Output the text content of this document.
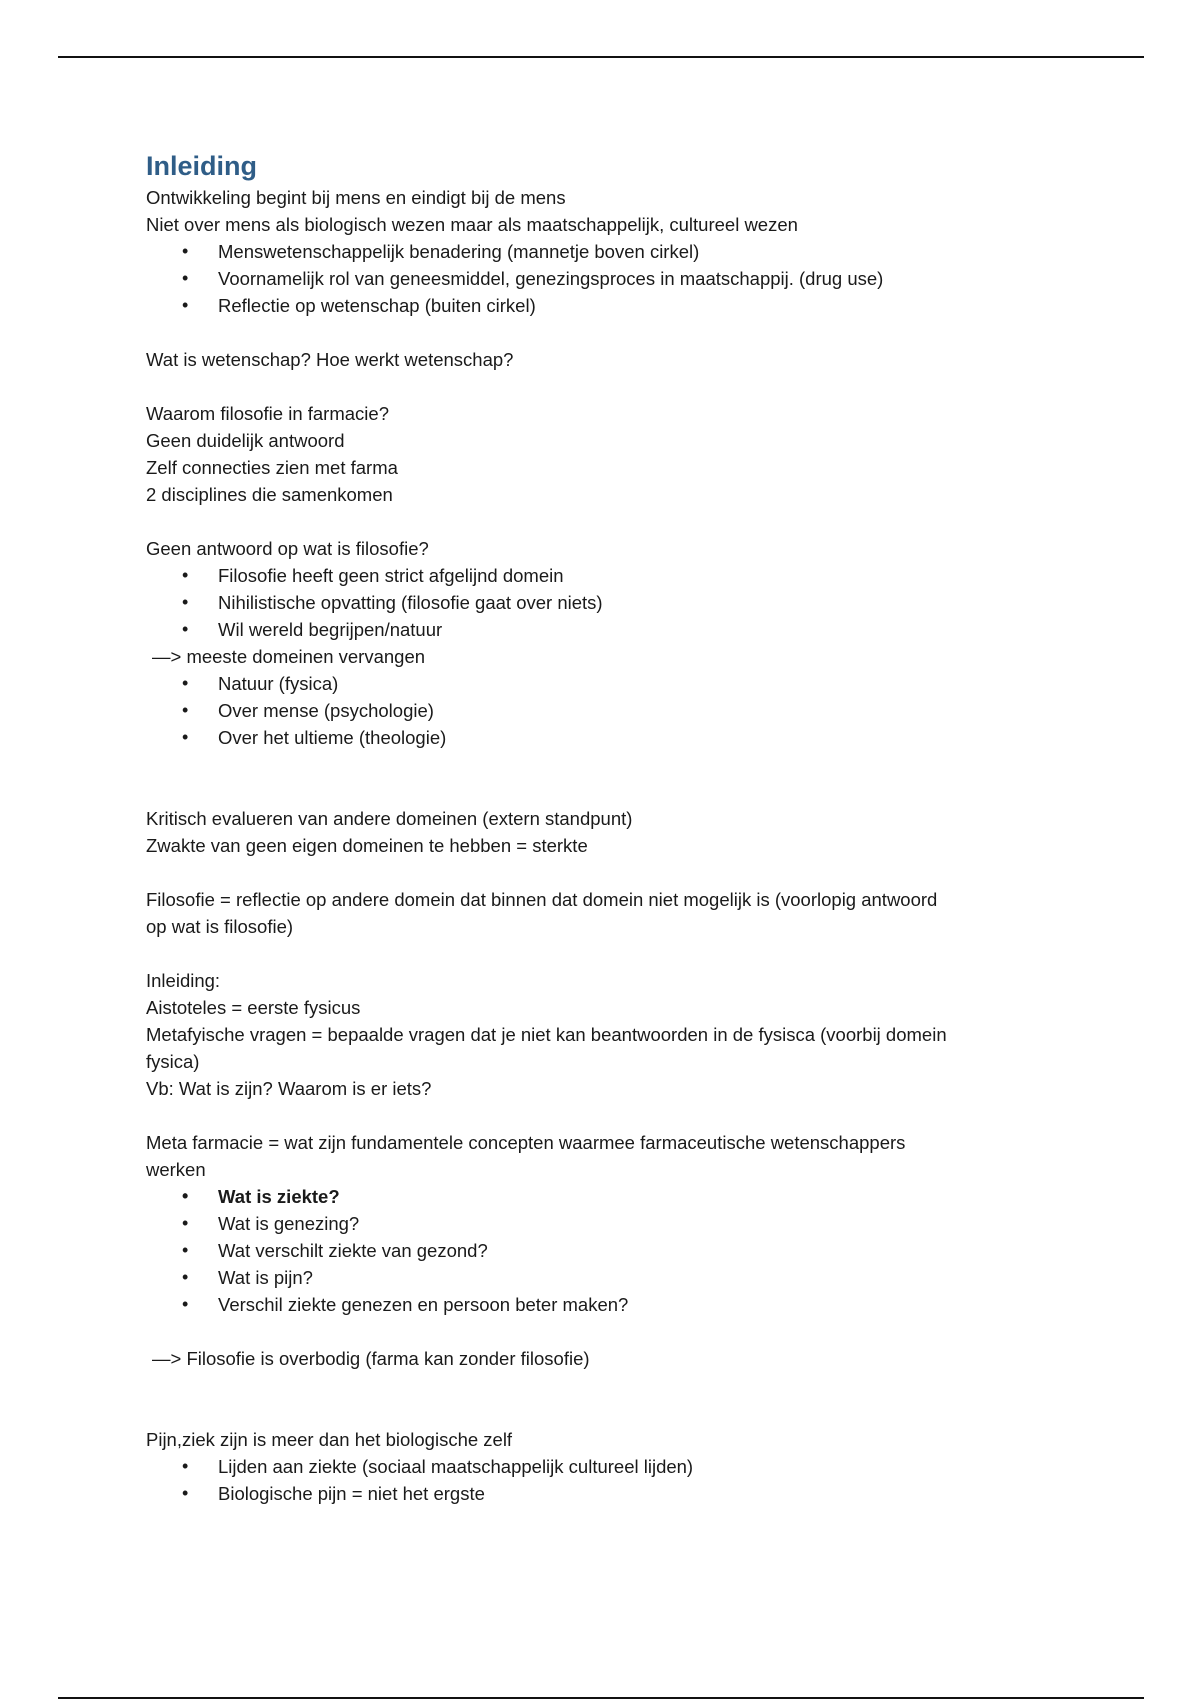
Inleiding
Ontwikkeling begint bij mens en eindigt bij de mens
Niet over mens als biologisch wezen maar als maatschappelijk, cultureel wezen
• Menswetenschappelijk benadering (mannetje boven cirkel)
• Voornamelijk rol van geneesmiddel, genezingsproces in maatschappij. (drug use)
• Reflectie op wetenschap (buiten cirkel)
Wat is wetenschap? Hoe werkt wetenschap?
Waarom filosofie in farmacie?
Geen duidelijk antwoord
Zelf connecties zien met farma
2 disciplines die samenkomen
Geen antwoord op wat is filosofie?
• Filosofie heeft geen strict afgelijnd domein
• Nihilistische opvatting (filosofie gaat over niets)
• Wil wereld begrijpen/natuur
—> meeste domeinen vervangen
• Natuur (fysica)
• Over mense (psychologie)
• Over het ultieme (theologie)
Kritisch evalueren van andere domeinen (extern standpunt)
Zwakte van geen eigen domeinen te hebben = sterkte
Filosofie = reflectie op andere domein dat binnen dat domein niet mogelijk is (voorlopig antwoord
op wat is filosofie)
Inleiding:
Aistoteles = eerste fysicus
Metafyische vragen = bepaalde vragen dat je niet kan beantwoorden in de fysisca (voorbij domein
fysica)
Vb: Wat is zijn? Waarom is er iets?
Meta farmacie = wat zijn fundamentele concepten waarmee farmaceutische wetenschappers
werken
• Wat is ziekte?
• Wat is genezing?
• Wat verschilt ziekte van gezond?
• Wat is pijn?
• Verschil ziekte genezen en persoon beter maken?
—> Filosofie is overbodig (farma kan zonder filosofie)
Pijn,ziek zijn is meer dan het biologische zelf
• Lijden aan ziekte (sociaal maatschappelijk cultureel lijden)
• Biologische pijn = niet het ergste
